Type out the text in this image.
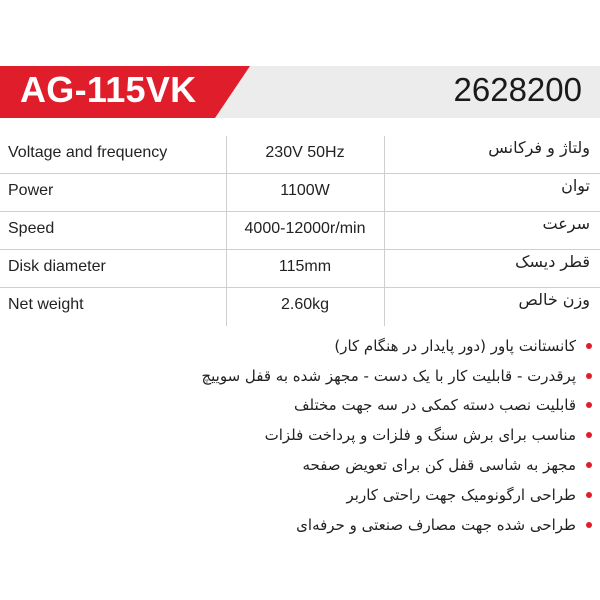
AG-115VK	2628200
Voltage and frequency	230V 50Hz	ولتاژ و فرکانس
Power	1100W	توان
Speed	4000-12000r/min	سرعت
Disk diameter	115mm	قطر دیسک
Net weight	2.60kg	وزن خالص
کانستانت پاور (دور پایدار در هنگام کار)
پرقدرت - قابلیت کار با یک دست - مجهز شده به قفل سوییچ
قابلیت نصب دسته کمکی در سه جهت مختلف
مناسب برای برش سنگ و فلزات و پرداخت فلزات
مجهز به شاسی قفل کن برای تعویض صفحه
طراحی ارگونومیک جهت راحتی کاربر
طراحی شده جهت مصارف صنعتی و حرفه‌ای
